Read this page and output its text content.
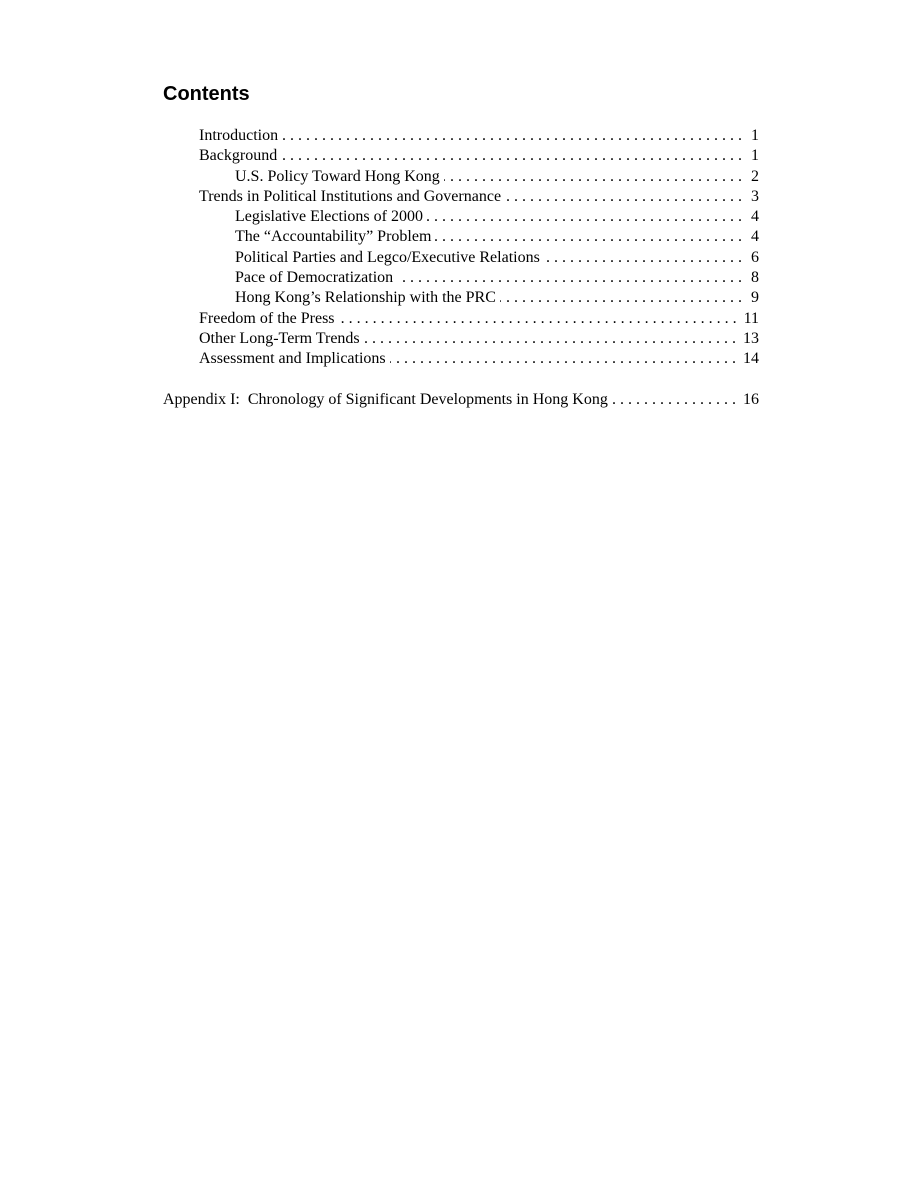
Contents
Introduction . . .	1
Background . . .	1
U.S. Policy Toward Hong Kong . . .	2
Trends in Political Institutions and Governance . . .	3
Legislative Elections of 2000 . . .	4
The “Accountability” Problem . . .	4
Political Parties and Legco/Executive Relations . . .	6
Pace of Democratization . . .	8
Hong Kong’s Relationship with the PRC . . .	9
Freedom of the Press . . .	11
Other Long-Term Trends . . .	13
Assessment and Implications . . .	14
Appendix I:  Chronology of Significant Developments in Hong Kong . . .	16
